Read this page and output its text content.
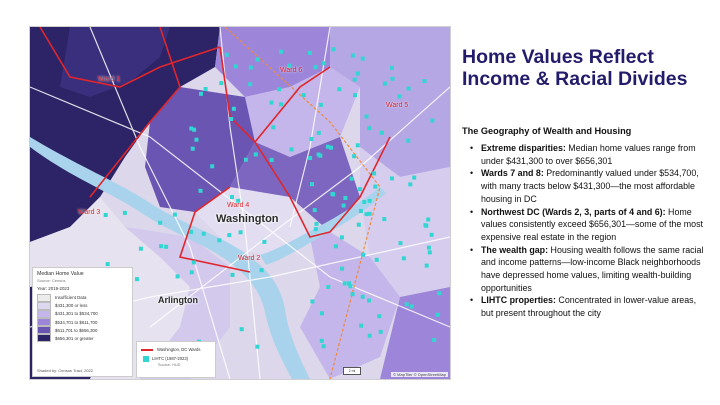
Ward 1
Ward 3
Ward 4
Ward 5
Ward 2
Ward 6
Washington
Arlington
Median Home Value
Source: Census
Year: 2019-2023
Insufficient Data
$431,300 or less
$431,301 to $534,700
$534,701 to $611,700
$611,701 to $656,300
$656,301 or greater
Shaded by: Census Tract, 2022
Washington, DC Wards
LIHTC (1987-2023)
Source: HUD
2 mi
© MapTiler © OpenStreetMap
Home Values Reflect Income & Racial Divides
The Geography of Wealth and Housing
• Extreme disparities: Median home values range from under $431,300 to over $656,301
• Wards 7 and 8: Predominantly valued under $534,700, with many tracts below $431,300—the most affordable housing in DC
• Northwest DC (Wards 2, 3, parts of 4 and 6): Home values consistently exceed $656,301—some of the most expensive real estate in the region
• The wealth gap: Housing wealth follows the same racial and income patterns—low-income Black neighborhoods have depressed home values, limiting wealth-building opportunities
• LIHTC properties: Concentrated in lower-value areas, but present throughout the city
